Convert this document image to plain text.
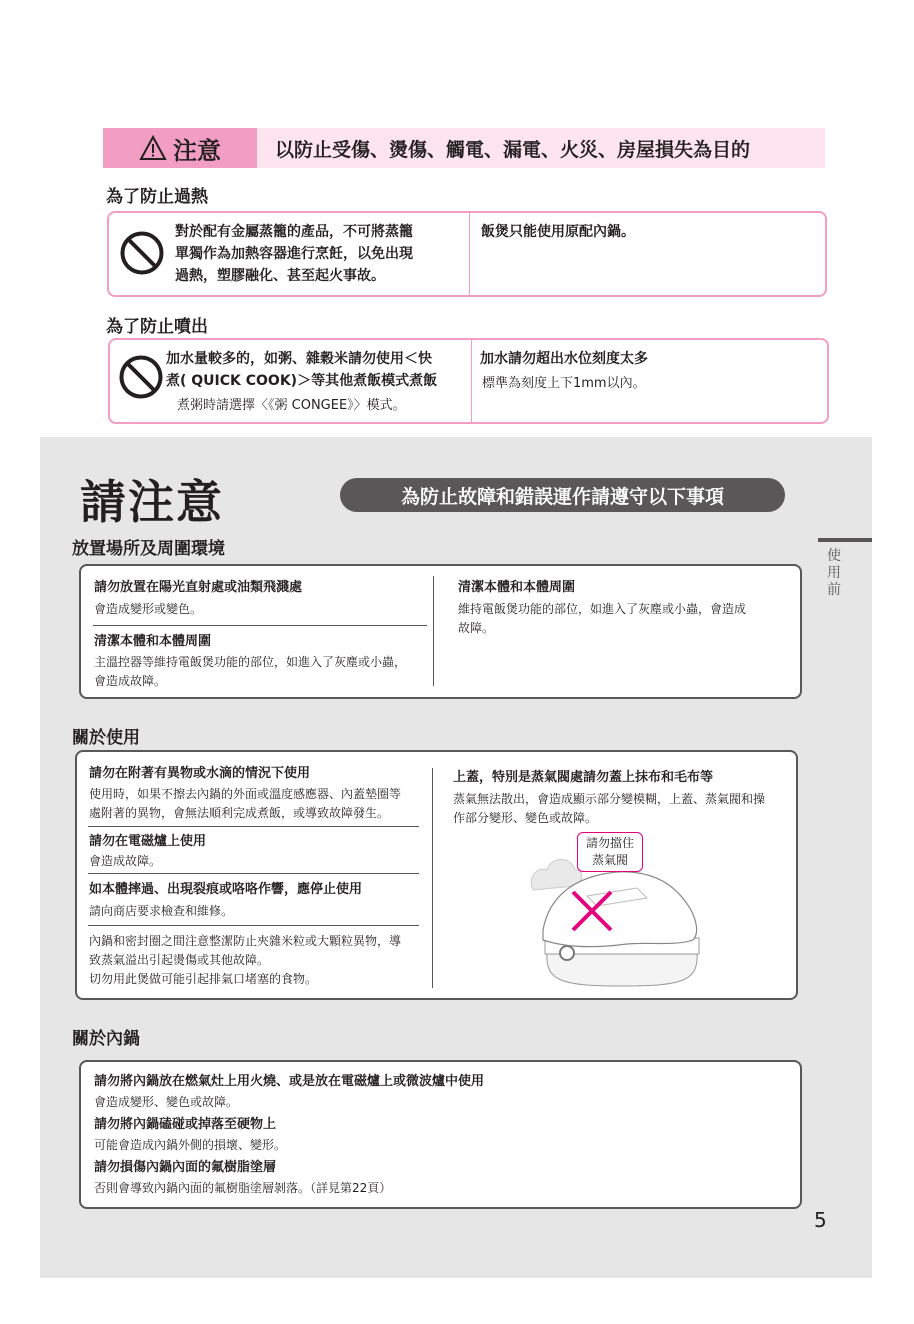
注意	以防止受傷、燙傷、觸電、漏電、火災、房屋損失為目的
為了防止過熱
對於配有金屬蒸籠的產品，不可將蒸籠
單獨作為加熱容器進行烹飪，以免出現
過熱，塑膠融化、甚至起火事故。
飯煲只能使用原配內鍋。
為了防止噴出
加水量較多的，如粥、雜穀米請勿使用＜快
煮( QUICK COOK)＞等其他煮飯模式煮飯
煮粥時請選擇〈《粥 CONGEE》〉模式。
加水請勿超出水位刻度太多
標準為刻度上下1mm以內。
請注意	為防止故障和錯誤運作請遵守以下事項
使
用
前
放置場所及周圍環境
請勿放置在陽光直射處或油類飛濺處
會造成變形或變色。
清潔本體和本體周圍
主溫控器等維持電飯煲功能的部位，如進入了灰塵或小蟲，
會造成故障。
清潔本體和本體周圍
維持電飯煲功能的部位，如進入了灰塵或小蟲，會造成
故障。
關於使用
請勿在附著有異物或水滴的情況下使用
使用時，如果不擦去內鍋的外面或溫度感應器、內蓋墊圈等
處附著的異物，會無法順利完成煮飯，或導致故障發生。
請勿在電磁爐上使用
會造成故障。
如本體摔過、出現裂痕或咯咯作響，應停止使用
請向商店要求檢查和維修。
內鍋和密封圈之間注意整潔防止夾雜米粒或大顆粒異物，導
致蒸氣溢出引起燙傷或其他故障。
切勿用此煲做可能引起排氣口堵塞的食物。
上蓋，特別是蒸氣閥處請勿蓋上抹布和毛布等
蒸氣無法散出，會造成顯示部分變模糊，上蓋、蒸氣閥和操
作部分變形、變色或故障。
請勿擋住
蒸氣閥
關於內鍋
請勿將內鍋放在燃氣灶上用火燒、或是放在電磁爐上或微波爐中使用
會造成變形、變色或故障。
請勿將內鍋磕碰或掉落至硬物上
可能會造成內鍋外側的損壞、變形。
請勿損傷內鍋內面的氟樹脂塗層
否則會導致內鍋內面的氟樹脂塗層剝落。（詳見第22頁）
5
